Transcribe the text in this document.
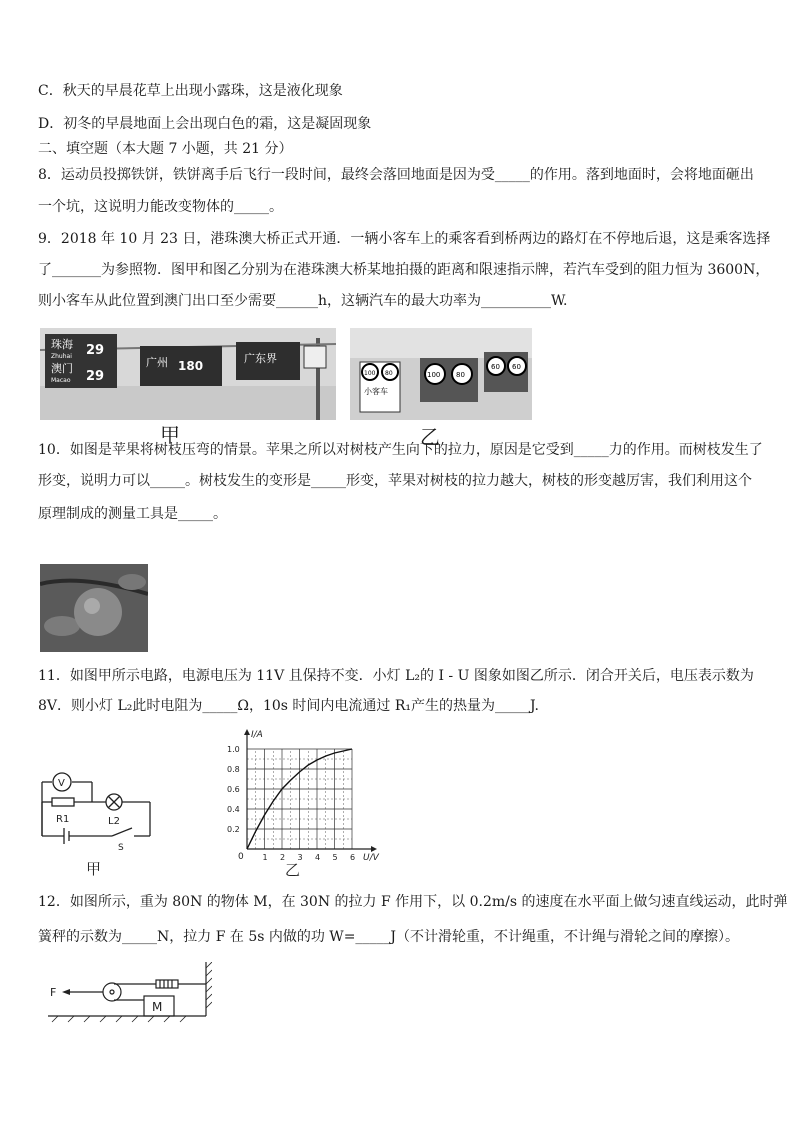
C．秋天的早晨花草上出现小露珠，这是液化现象
D．初冬的早晨地面上会出现白色的霜，这是凝固现象
二、填空题（本大题 7 小题，共 21 分）
8．运动员投掷铁饼，铁饼离手后飞行一段时间，最终会落回地面是因为受_____的作用。落到地面时，会将地面砸出
一个坑，这说明力能改变物体的_____。
9．2018 年 10 月 23 日，港珠澳大桥正式开通．一辆小客车上的乘客看到桥两边的路灯在不停地后退，这是乘客选择
了_______为参照物．图甲和图乙分别为在港珠澳大桥某地拍摄的距离和限速指示牌，若汽车受到的阻力恒为 3600N，
则小客车从此位置到澳门出口至少需要______h，这辆汽车的最大功率为__________W.
珠海
Zhuhai 29
澳门
Macao 29
广州 180
广东界
甲
100 80
小客车
100 80
60 60
乙
10．如图是苹果将树枝压弯的情景。苹果之所以对树枝产生向下的拉力，原因是它受到_____力的作用。而树枝发生了
形变，说明力可以_____。树枝发生的变形是_____形变，苹果对树枝的拉力越大，树枝的形变越厉害，我们利用这个
原理制成的测量工具是_____。
11．如图甲所示电路，电源电压为 11V 且保持不变．小灯 L₂的 I - U 图象如图乙所示．闭合开关后，电压表示数为
8V．则小灯 L₂此时电阻为_____Ω，10s 时间内电流通过 R₁产生的热量为_____J.
V
R1	L2
S
甲
0.2
0.4
0.6
0.8
1.0
1 2 3 4 5 6
I/A
U/V
0
乙
12．如图所示，重为 80N 的物体 M，在 30N 的拉力 F 作用下，以 0.2m/s 的速度在水平面上做匀速直线运动，此时弹
簧秤的示数为_____N，拉力 F 在 5s 内做的功 W=_____J（不计滑轮重，不计绳重，不计绳与滑轮之间的摩擦）。
F
M
